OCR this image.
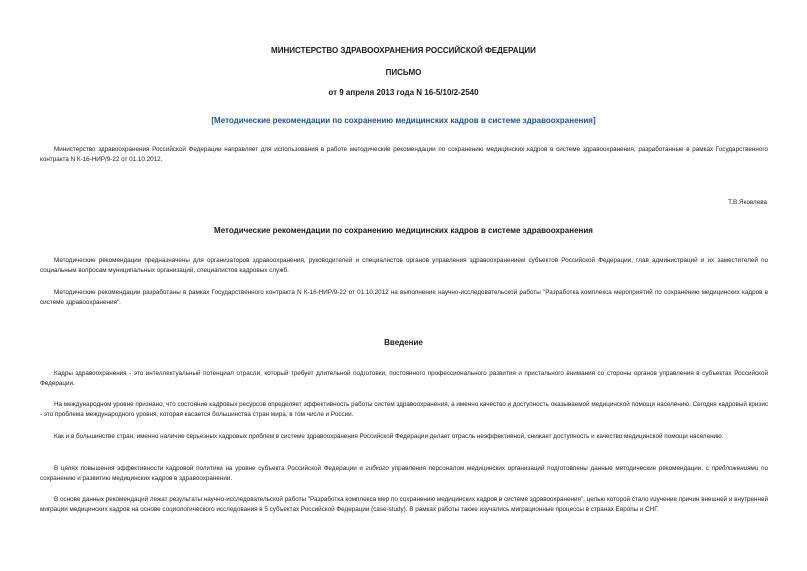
МИНИСТЕРСТВО ЗДРАВООХРАНЕНИЯ РОССИЙСКОЙ ФЕДЕРАЦИИ
ПИСЬМО
от 9 апреля 2013 года N 16-5/10/2-2540
[Методические рекомендации по сохранению медицинских кадров в системе здравоохранения]
Министерство здравоохранения Российской Федерации направляет для использования в работе методические рекомендации по сохранению медицинских кадров в системе здравоохранения, разработанные в рамках Государственного контракта N К-16-НИР/9-22 от 01.10.2012.
Т.В.Яковлева
Методические рекомендации по сохранению медицинских кадров в системе здравоохранения
Методические рекомендации предназначены для организаторов здравоохранения, руководителей и специалистов органов управления здравоохранением субъектов Российской Федерации, глав администраций и их заместителей по социальным вопросам муниципальных организаций, специалистов кадровых служб.
Методические рекомендации разработаны в рамках Государственного контракта N К-16-НИР/9-22 от 01.10.2012 на выполнение научно-исследовательской работы "Разработка комплекса мероприятий по сохранению медицинских кадров в системе здравоохранения".
Введение
Кадры здравоохранения - это интеллектуальный потенциал отрасли, который требует длительной подготовки, постоянного профессионального развития и пристального внимания со стороны органов управления в субъектах Российской Федерации.
На международном уровне признано, что состояние кадровых ресурсов определяет эффективность работы систем здравоохранения, а именно качество и доступность оказываемой медицинской помощи населению. Сегодня кадровый кризис - это проблема международного уровня, которая касается большинства стран мира, в том числе и России.
Как и в большинстве стран, именно наличие серьезных кадровых проблем в системе здравоохранения Российской Федерации делает отрасль неэффективной, снижает доступность и качество медицинской помощи населению.
В целях повышения эффективности кадровой политики на уровне субъекта Российской Федерации и гибкого управления персоналом медицинских организаций подготовлены данные методические рекомендации, с предложениями по сохранению и развитию медицинских кадров в здравоохранении.
В основе данных рекомендаций лежат результаты научно-исследовательской работы "Разработка комплекса мер по сохранению медицинских кадров в системе здравоохранения", целью которой стало изучение причин внешней и внутренней миграции медицинских кадров на основе социологического исследования в 5 субъектах Российской Федерации (case-study). В рамках работы также изучались миграционные процессы в странах Европы и СНГ.
